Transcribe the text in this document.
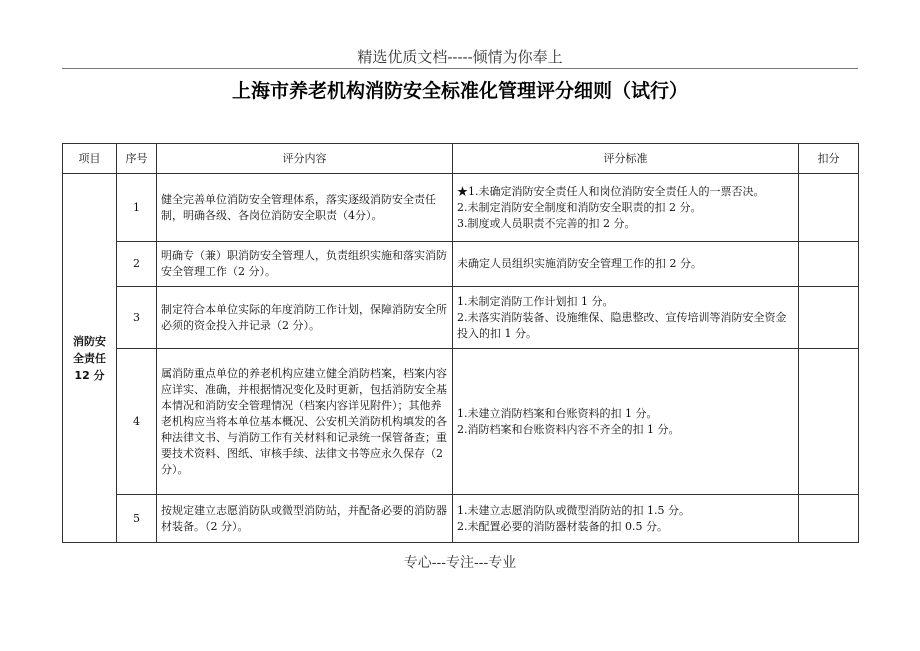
精选优质文档-----倾情为你奉上
上海市养老机构消防安全标准化管理评分细则（试行）
项目	序号	评分内容	评分标准	扣分

消防安
全责任
12 分	1	健全完善单位消防安全管理体系，落实逐级消防安全责任制，明确各级、各岗位消防安全职责（4分）。	★1.未确定消防安全责任人和岗位消防安全责任人的一票否决。
2.未制定消防安全制度和消防安全职责的扣 2 分。
3.制度或人员职责不完善的扣 2 分。	

	2	明确专（兼）职消防安全管理人，负责组织实施和落实消防安全管理工作（2 分）。	未确定人员组织实施消防安全管理工作的扣 2 分。	

	3	制定符合本单位实际的年度消防工作计划，保障消防安全所必须的资金投入并记录（2 分）。	1.未制定消防工作计划扣 1 分。
2.未落实消防装备、设施维保、隐患整改、宣传培训等消防安全资金投入的扣 1 分。	

	4	属消防重点单位的养老机构应建立健全消防档案，档案内容应详实、准确，并根据情况变化及时更新，包括消防安全基本情况和消防安全管理情况（档案内容详见附件）；其他养老机构应当将本单位基本概况、公安机关消防机构填发的各种法律文书、与消防工作有关材料和记录统一保管备查；重要技术资料、图纸、审核手续、法律文书等应永久保存（2 分）。	1.未建立消防档案和台账资料的扣 1 分。
2.消防档案和台账资料内容不齐全的扣 1 分。	

	5	按规定建立志愿消防队或微型消防站，并配备必要的消防器材装备。（2 分）。	1.未建立志愿消防队或微型消防站的扣 1.5 分。
2.未配置必要的消防器材装备的扣 0.5 分。	

专心---专注---专业
